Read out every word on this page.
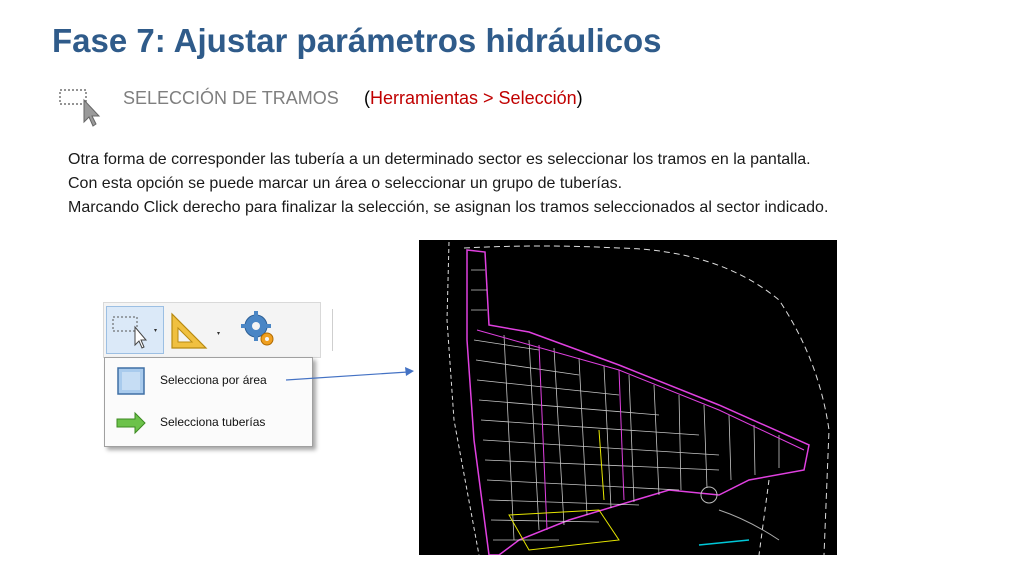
Fase 7: Ajustar parámetros hidráulicos
SELECCIÓN DE TRAMOS (Herramientas > Selección)
Otra forma de corresponder las tubería a un determinado sector es seleccionar los tramos en la pantalla.
Con esta opción se puede marcar un área o seleccionar un grupo de tuberías.
Marcando Click derecho para finalizar la selección, se asignan los tramos seleccionados al sector indicado.
Selecciona por área
Selecciona tuberías
